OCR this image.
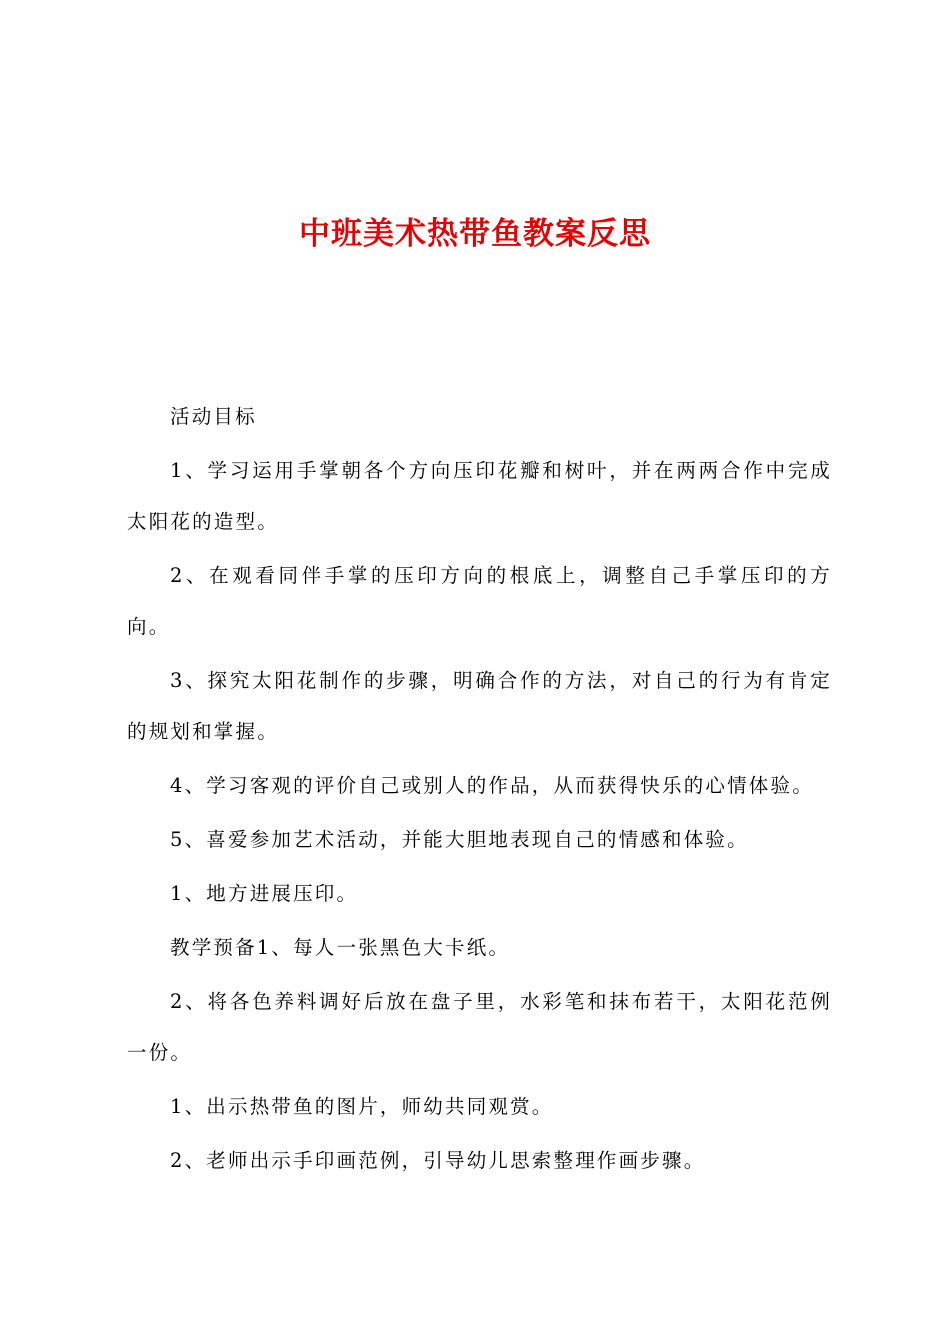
中班美术热带鱼教案反思

活动目标

1、学习运用手掌朝各个方向压印花瓣和树叶，并在两两合作中完成太阳花的造型。

2、在观看同伴手掌的压印方向的根底上，调整自己手掌压印的方向。

3、探究太阳花制作的步骤，明确合作的方法，对自己的行为有肯定的规划和掌握。

4、学习客观的评价自己或别人的作品，从而获得快乐的心情体验。

5、喜爱参加艺术活动，并能大胆地表现自己的情感和体验。

1、地方进展压印。

教学预备1、每人一张黑色大卡纸。

2、将各色养料调好后放在盘子里，水彩笔和抹布若干，太阳花范例一份。

1、出示热带鱼的图片，师幼共同观赏。

2、老师出示手印画范例，引导幼儿思索整理作画步骤。
